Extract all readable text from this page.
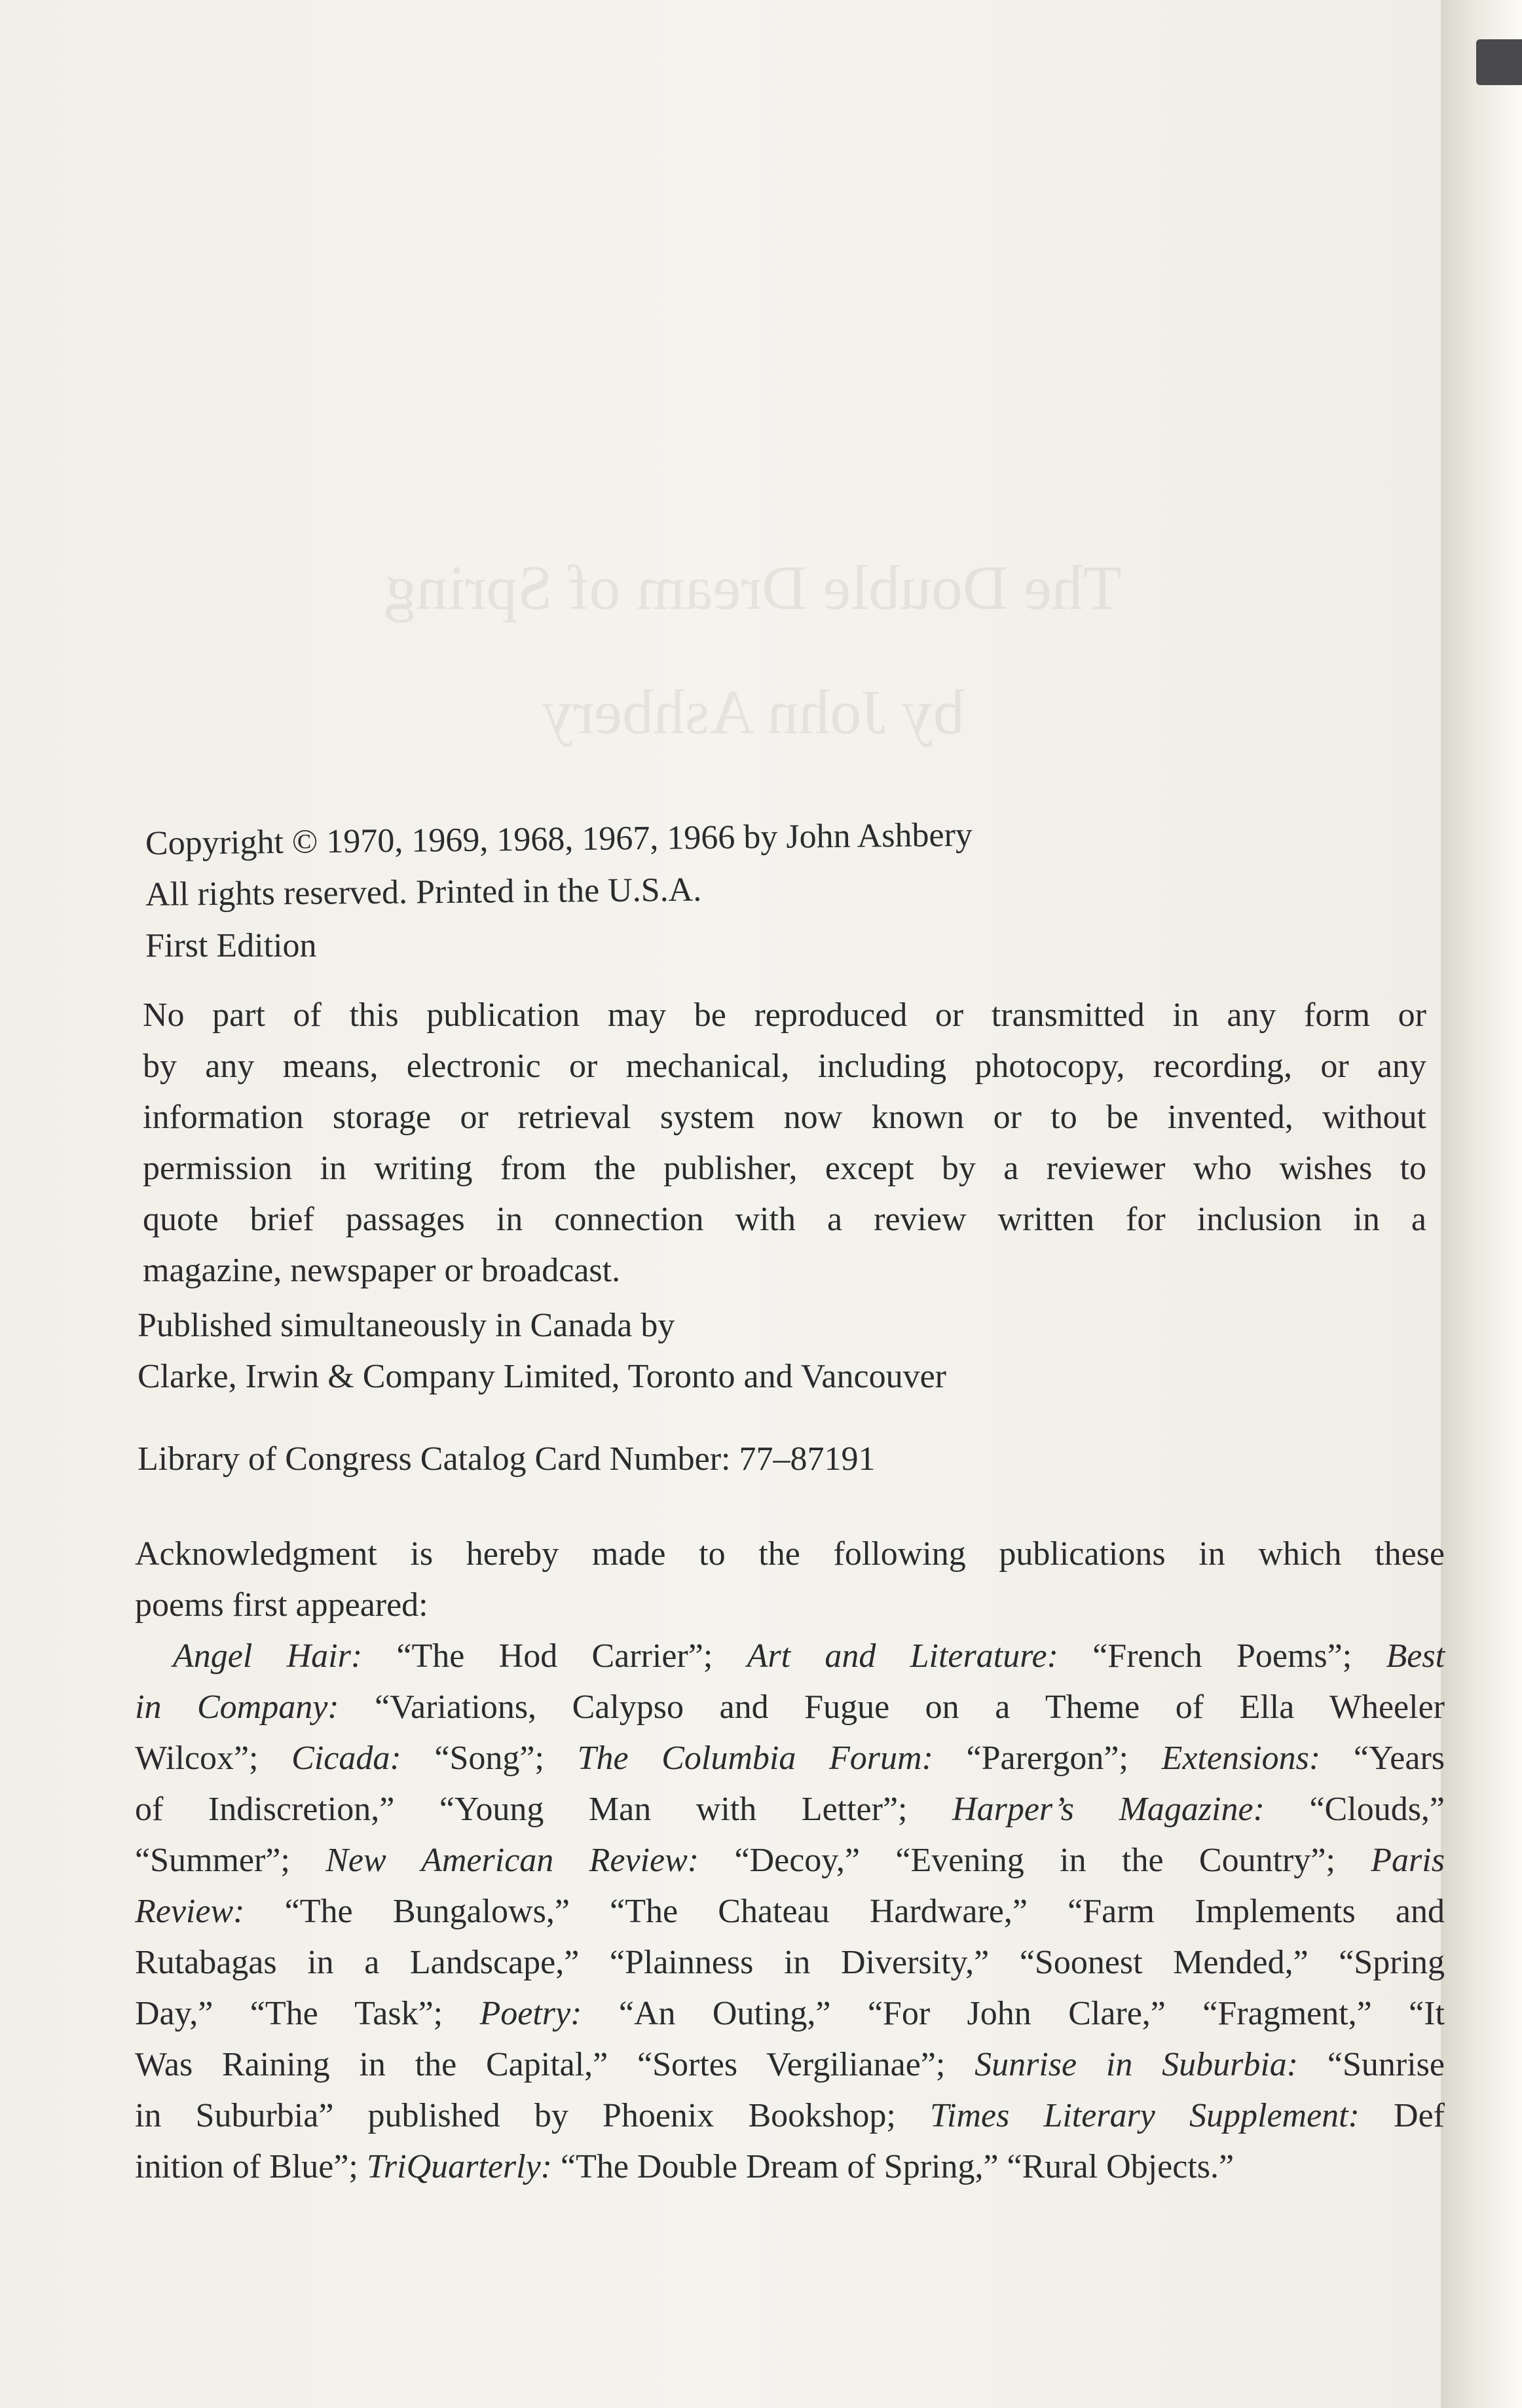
The Double Dream of Spring
by John Ashbery
Copyright © 1970, 1969, 1968, 1967, 1966 by John Ashbery
All rights reserved. Printed in the U.S.A.
First Edition
No part of this publication may be reproduced or transmitted in any form or
by any means, electronic or mechanical, including photocopy, recording, or any
information storage or retrieval system now known or to be invented, without
permission in writing from the publisher, except by a reviewer who wishes to
quote brief passages in connection with a review written for inclusion in a
magazine, newspaper or broadcast.
Published simultaneously in Canada by
Clarke, Irwin & Company Limited, Toronto and Vancouver
Library of Congress Catalog Card Number: 77–87191
Acknowledgment is hereby made to the following publications in which these
poems first appeared:
Angel Hair: “The Hod Carrier”; Art and Literature: “French Poems”; Best
in Company: “Variations, Calypso and Fugue on a Theme of Ella Wheeler
Wilcox”; Cicada: “Song”; The Columbia Forum: “Parergon”; Extensions: “Years
of Indiscretion,” “Young Man with Letter”; Harper’s Magazine: “Clouds,”
“Summer”; New American Review: “Decoy,” “Evening in the Country”; Paris
Review: “The Bungalows,” “The Chateau Hardware,” “Farm Implements and
Rutabagas in a Landscape,” “Plainness in Diversity,” “Soonest Mended,” “Spring
Day,” “The Task”; Poetry: “An Outing,” “For John Clare,” “Fragment,” “It
Was Raining in the Capital,” “Sortes Vergilianae”; Sunrise in Suburbia: “Sunrise
in Suburbia” published by Phoenix Bookshop; Times Literary Supplement: Def
inition of Blue”; TriQuarterly: “The Double Dream of Spring,” “Rural Objects.”
